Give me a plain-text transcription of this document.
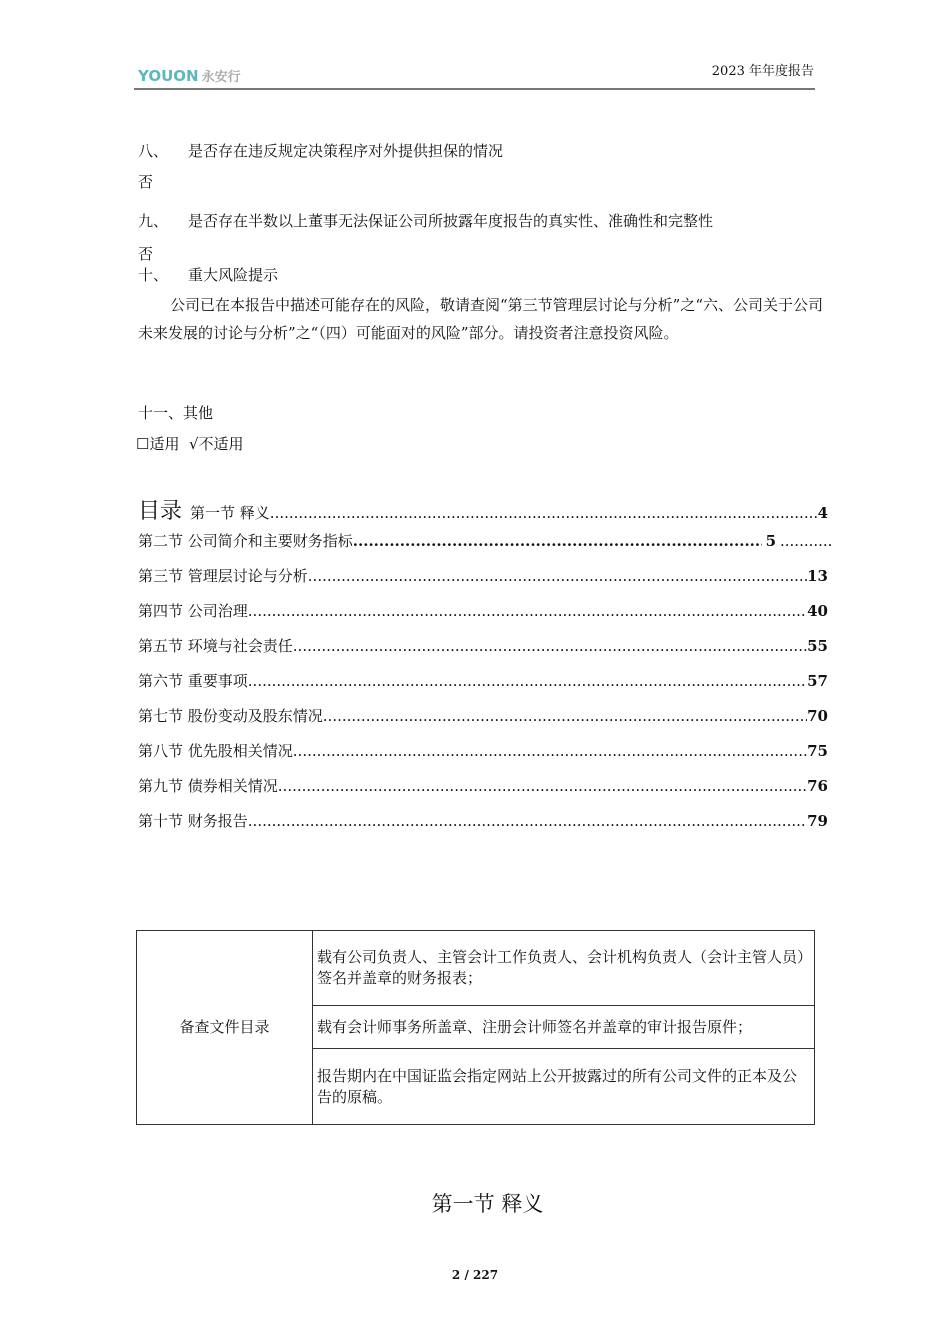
YOUON 永安行	2023 年年度报告
八、 是否存在违反规定决策程序对外提供担保的情况
否
九、 是否存在半数以上董事无法保证公司所披露年度报告的真实性、准确性和完整性
否
十、 重大风险提示
公司已在本报告中描述可能存在的风险，敬请查阅“第三节管理层讨论与分析”之“六、公司关于公司未来发展的讨论与分析”之“（四）可能面对的风险”部分。请投资者注意投资风险。
十一、其他
☐适用 √不适用
目录 第一节 释义 .....	4
第二节 公司简介和主要财务指标 .....	5 ...........
第三节 管理层讨论与分析 .....	13
第四节 公司治理 .....	40
第五节 环境与社会责任 .....	55
第六节 重要事项 .....	57
第七节 股份变动及股东情况 .....	70
第八节 优先股相关情况 .....	75
第九节 债券相关情况 .....	76
第十节 财务报告 .....	79
备查文件目录	载有公司负责人、主管会计工作负责人、会计机构负责人（会计主管人员）签名并盖章的财务报表；
载有会计师事务所盖章、注册会计师签名并盖章的审计报告原件；
报告期内在中国证监会指定网站上公开披露过的所有公司文件的正本及公告的原稿。
第一节 释义
2 / 227
